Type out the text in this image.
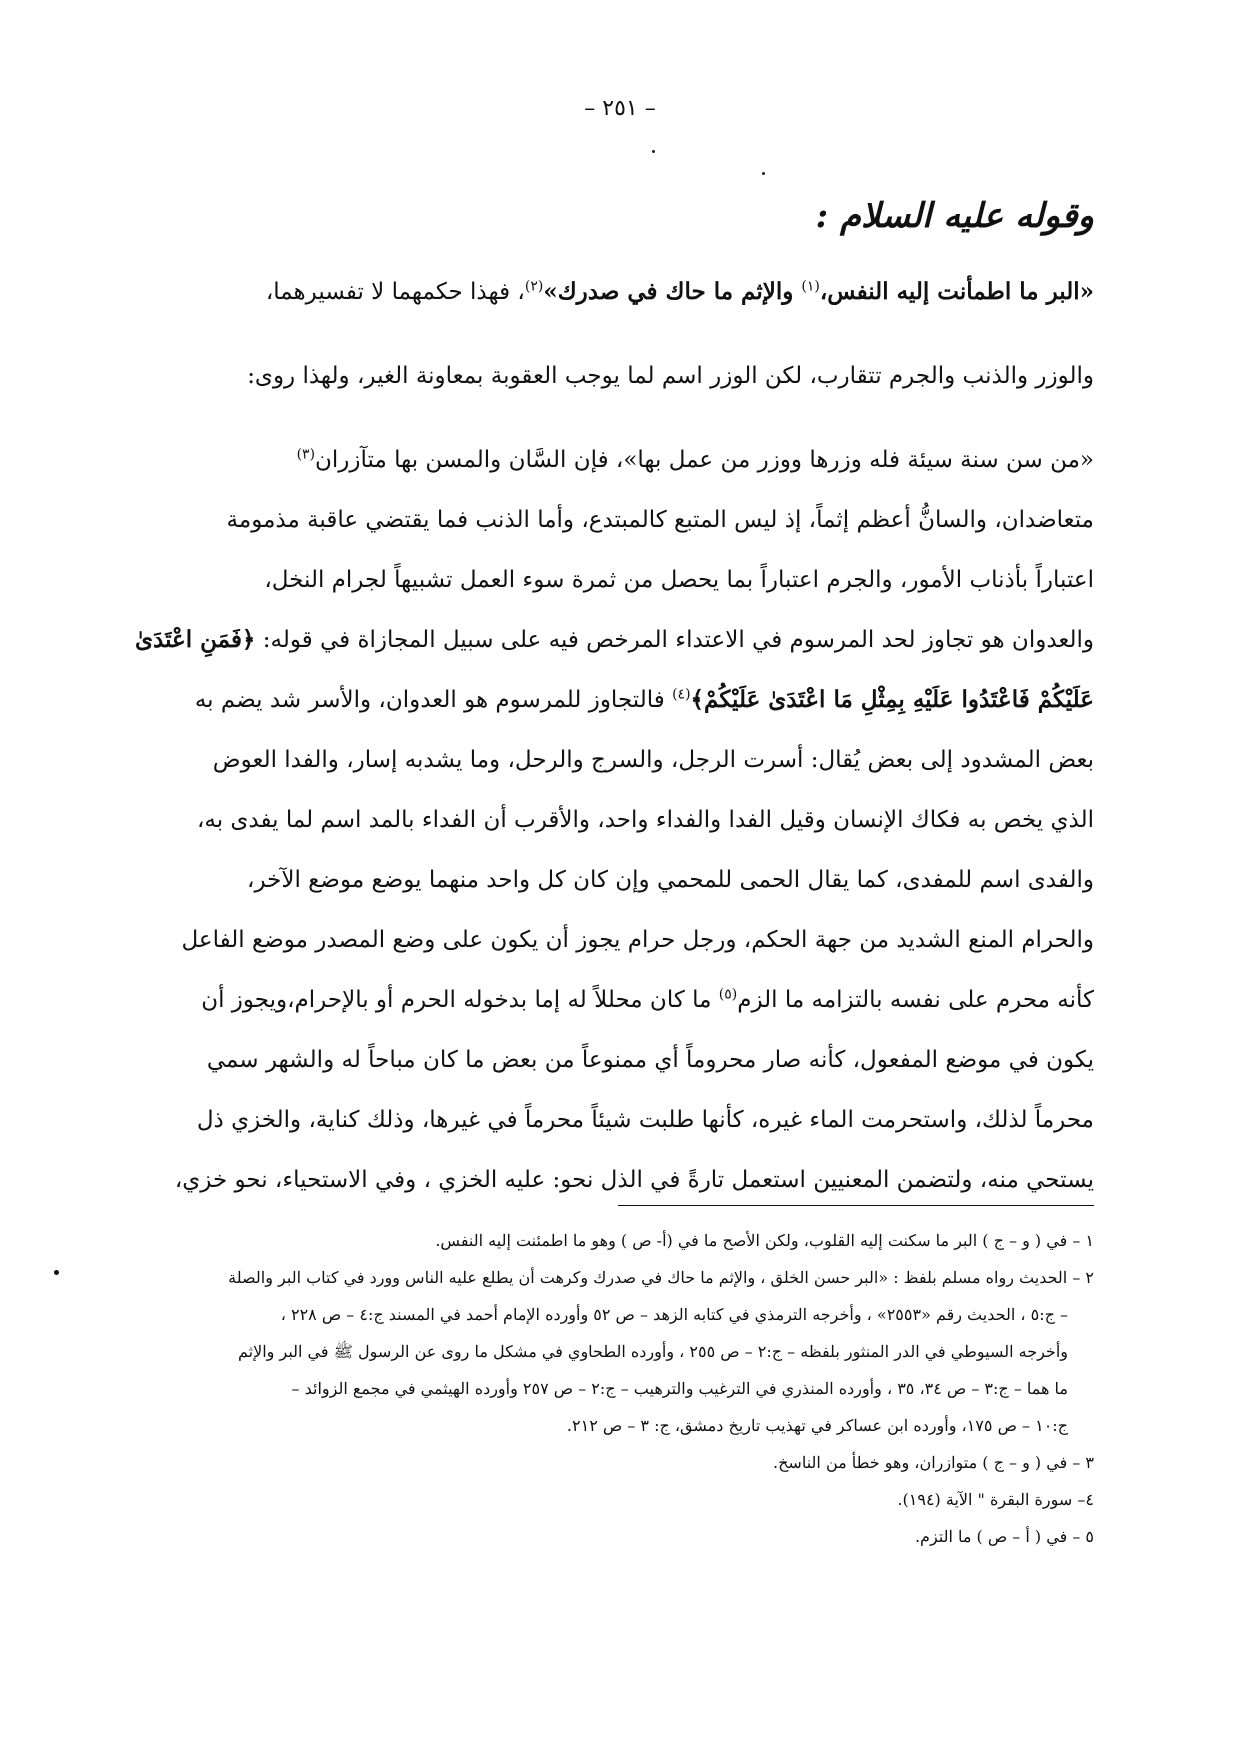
– ٢٥١ –
وقوله عليه السلام :
«البر ما اطمأنت إليه النفس،$^{(١)}$ والإثم ما حاك في صدرك»$^{(٢)}$، فهذا حكمهما لا تفسيرهما،
والوزر والذنب والجرم تتقارب، لكن الوزر اسم لما يوجب العقوبة بمعاونة الغير، ولهذا روى:
«من سن سنة سيئة فله وزرها ووزر من عمل بها»، فإن السَّان والمسن بها متآزران$^{(٣)}$
متعاضدان، والسانُّ أعظم إثماً، إذ ليس المتبع كالمبتدع، وأما الذنب فما يقتضي عاقبة مذمومة
اعتباراً بأذناب الأمور، والجرم اعتباراً بما يحصل من ثمرة سوء العمل تشبيهاً لجرام النخل،
والعدوان هو تجاوز لحد المرسوم في الاعتداء المرخص فيه على سبيل المجازاة في قوله: ﴿فَمَنِ اعْتَدَىٰ
عَلَيْكُمْ فَاعْتَدُوا عَلَيْهِ بِمِثْلِ مَا اعْتَدَىٰ عَلَيْكُمْ﴾$^{(٤)}$ فالتجاوز للمرسوم هو العدوان، والأسر شد يضم به
بعض المشدود إلى بعض يُقال: أسرت الرجل، والسرج والرحل، وما يشدبه إسار، والفدا العوض
الذي يخص به فكاك الإنسان وقيل الفدا والفداء واحد، والأقرب أن الفداء بالمد اسم لما يفدى به،
والفدى اسم للمفدى، كما يقال الحمى للمحمي وإن كان كل واحد منهما يوضع موضع الآخر،
والحرام المنع الشديد من جهة الحكم، ورجل حرام يجوز أن يكون على وضع المصدر موضع الفاعل
كأنه محرم على نفسه بالتزامه ما الزم$^{(٥)}$ ما كان محللاً له إما بدخوله الحرم أو بالإحرام،ويجوز أن
يكون في موضع المفعول، كأنه صار محروماً أي ممنوعاً من بعض ما كان مباحاً له والشهر سمي
محرماً لذلك، واستحرمت الماء غيره، كأنها طلبت شيئاً محرماً في غيرها، وذلك كناية، والخزي ذل
يستحي منه، ولتضمن المعنيين استعمل تارةً في الذل نحو: عليه الخزي ، وفي الاستحياء، نحو خزي،
١ – في ( و – ج ) البر ما سكنت إليه القلوب، ولكن الأصح ما في (أ- ص ) وهو ما اطمئنت إليه النفس.
٢ – الحديث رواه مسلم بلفظ : «البر حسن الخلق ، والإثم ما حاك في صدرك وكرهت أن يطلع عليه الناس وورد في كتاب البر والصلة
– ج:٥ ، الحديث رقم «٢٥٥٣» ، وأخرجه الترمذي في كتابه الزهد – ص ٥٢ وأورده الإمام أحمد في المسند ج:٤ – ص ٢٢٨ ،
وأخرجه السيوطي في الدر المنثور بلفظه – ج:٢ – ص ٢٥٥ ، وأورده الطحاوي في مشكل ما روى عن الرسول ﷺ في البر والإثم
ما هما – ج:٣ – ص ٣٤، ٣٥ ، وأورده المنذري في الترغيب والترهيب – ج:٢ – ص ٢٥٧ وأورده الهيثمي في مجمع الزوائد –
ج:١٠ – ص ١٧٥، وأورده ابن عساكر في تهذيب تاريخ دمشق، ج: ٣ – ص ٢١٢.
٣ – في ( و – ج ) متوازران، وهو خطأ من الناسخ.
٤– سورة البقرة " الآية (١٩٤).
٥ – في ( أ – ص ) ما التزم.
